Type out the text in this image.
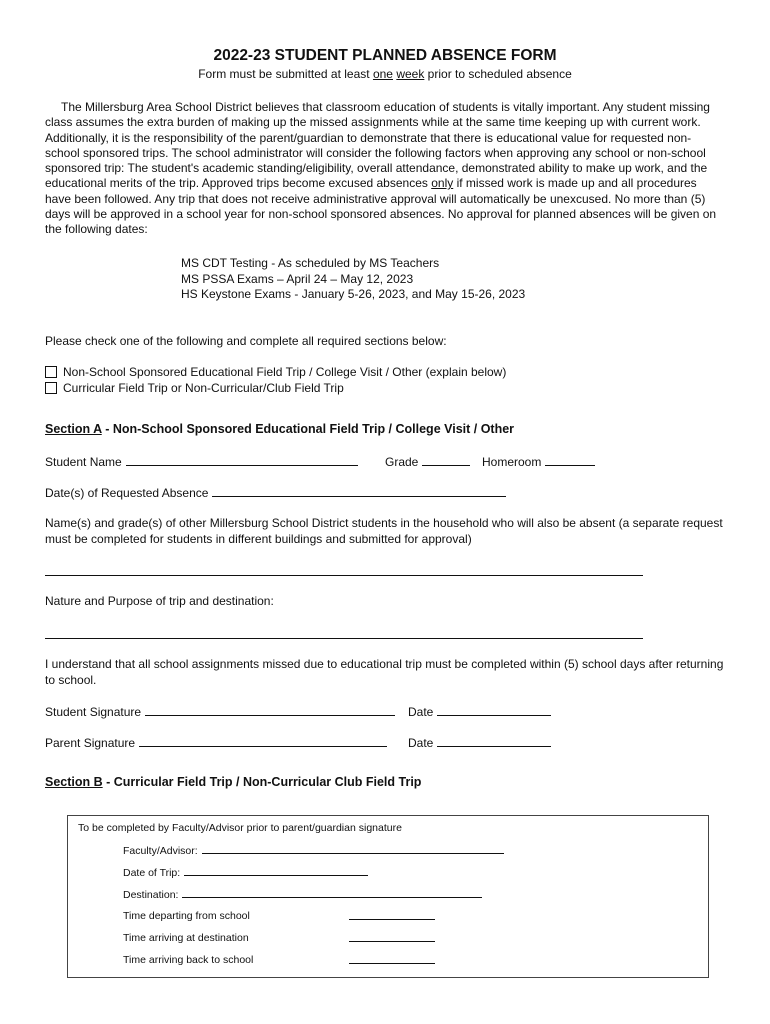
2022-23 STUDENT PLANNED ABSENCE FORM
Form must be submitted at least one week prior to scheduled absence
The Millersburg Area School District believes that classroom education of students is vitally important. Any student missing class assumes the extra burden of making up the missed assignments while at the same time keeping up with current work. Additionally, it is the responsibility of the parent/guardian to demonstrate that there is educational value for requested non-school sponsored trips. The school administrator will consider the following factors when approving any school or non-school sponsored trip: The student's academic standing/eligibility, overall attendance, demonstrated ability to make up work, and the educational merits of the trip. Approved trips become excused absences only if missed work is made up and all procedures have been followed. Any trip that does not receive administrative approval will automatically be unexcused. No more than (5) days will be approved in a school year for non-school sponsored absences. No approval for planned absences will be given on the following dates:
MS CDT Testing - As scheduled by MS Teachers
MS PSSA Exams – April 24 – May 12, 2023
HS Keystone Exams - January 5-26, 2023, and May 15-26, 2023
Please check one of the following and complete all required sections below:
Non-School Sponsored Educational Field Trip / College Visit / Other (explain below)
Curricular Field Trip or Non-Curricular/Club Field Trip
Section A - Non-School Sponsored Educational Field Trip / College Visit / Other
Student Name	Grade	Homeroom
Date(s) of Requested Absence
Name(s) and grade(s) of other Millersburg School District students in the household who will also be absent (a separate request must be completed for students in different buildings and submitted for approval)
Nature and Purpose of trip and destination:
I understand that all school assignments missed due to educational trip must be completed within (5) school days after returning to school.
Student Signature	Date
Parent Signature	Date
Section B - Curricular Field Trip / Non-Curricular Club Field Trip
To be completed by Faculty/Advisor prior to parent/guardian signature
Faculty/Advisor:
Date of Trip:
Destination:
Time departing from school
Time arriving at destination
Time arriving back to school
